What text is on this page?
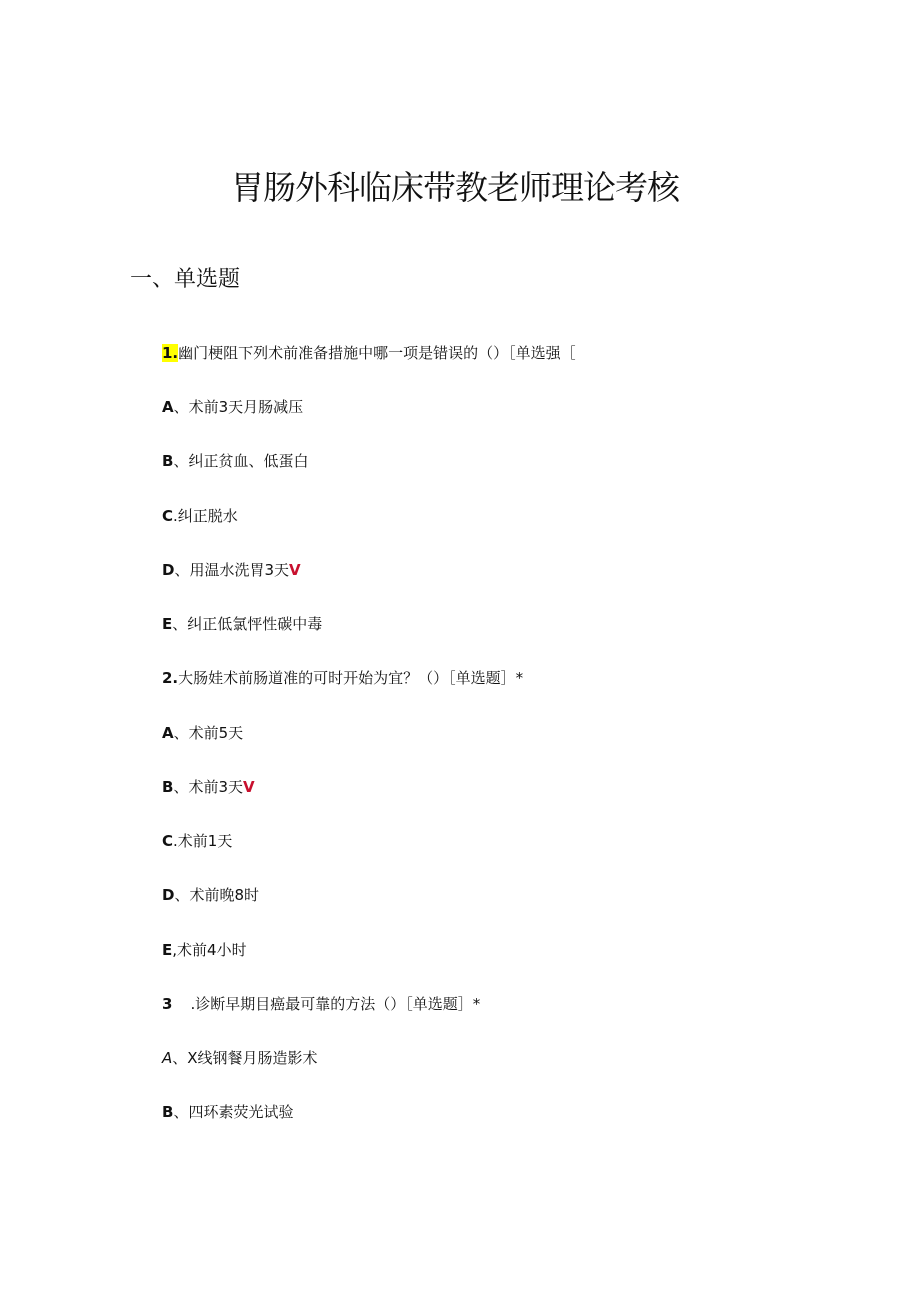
胃肠外科临床带教老师理论考核
一、单选题
1.幽门梗阻下列术前准备措施中哪一项是错误的（）［单选强［
A、术前3天月肠减压
B、纠正贫血、低蛋白
C.纠正脱水
D、用温水洗胃3天V
E、纠正低氯怦性碳中毒
2.大肠娃术前肠道准的可时开始为宜？（）［单选题］*
A、术前5天
B、术前3天V
C.术前1天
D、术前晚8时
E,术前4小时
3 .诊断早期目癌最可靠的方法（）［单选题］*
A、X线钢餐月肠造影术
B、四环素荧光试验
